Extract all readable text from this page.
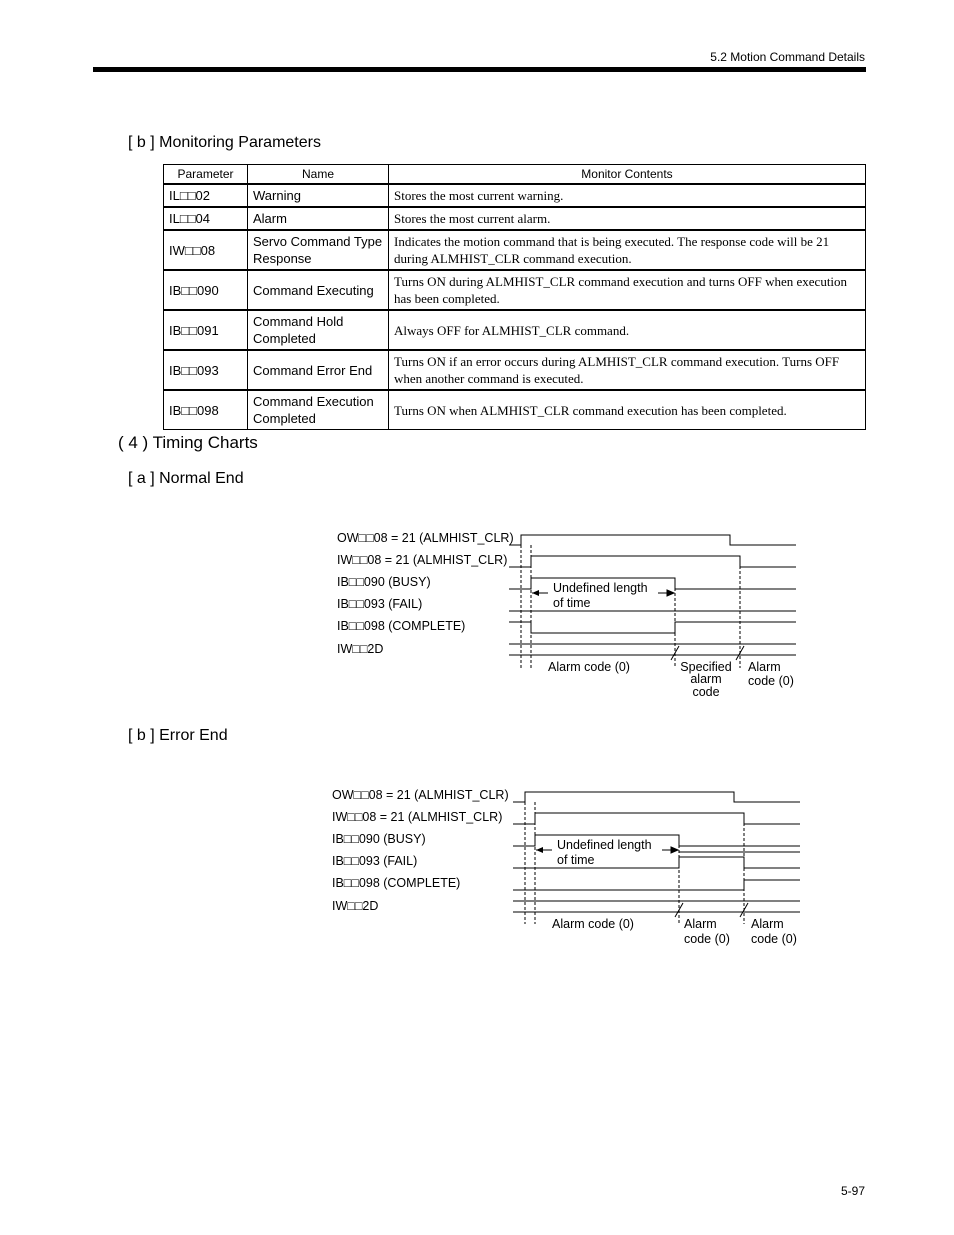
5.2 Motion Command Details
[ b ] Monitoring Parameters
Parameter	Name	Monitor Contents
IL□□02	Warning	Stores the most current warning.
IL□□04	Alarm	Stores the most current alarm.
IW□□08	Servo Command Type Response	Indicates the motion command that is being executed. The response code will be 21 during ALMHIST_CLR command execution.
IB□□090	Command Executing	Turns ON during ALMHIST_CLR command execution and turns OFF when execution has been completed.
IB□□091	Command Hold Completed	Always OFF for ALMHIST_CLR command.
IB□□093	Command Error End	Turns ON if an error occurs during ALMHIST_CLR command execution. Turns OFF when another command is executed.
IB□□098	Command Execution Completed	Turns ON when ALMHIST_CLR command execution has been completed.
( 4 ) Timing Charts
[ a ] Normal End
[ b ] Error End
OW□□08 = 21 (ALMHIST_CLR)
IW□□08 = 21 (ALMHIST_CLR)
IB□□090 (BUSY)
IB□□093 (FAIL)
IB□□098 (COMPLETE)
IW□□2D
Undefined length
of time
Alarm code (0)	Specified
alarm
code
Alarm
code (0)
OW□□08 = 21 (ALMHIST_CLR)
IW□□08 = 21 (ALMHIST_CLR)
IB□□090 (BUSY)
IB□□093 (FAIL)
IB□□098 (COMPLETE)
IW□□2D
Undefined length
of time
Alarm code (0)	Alarm
code (0)
Alarm
code (0)
5-97
